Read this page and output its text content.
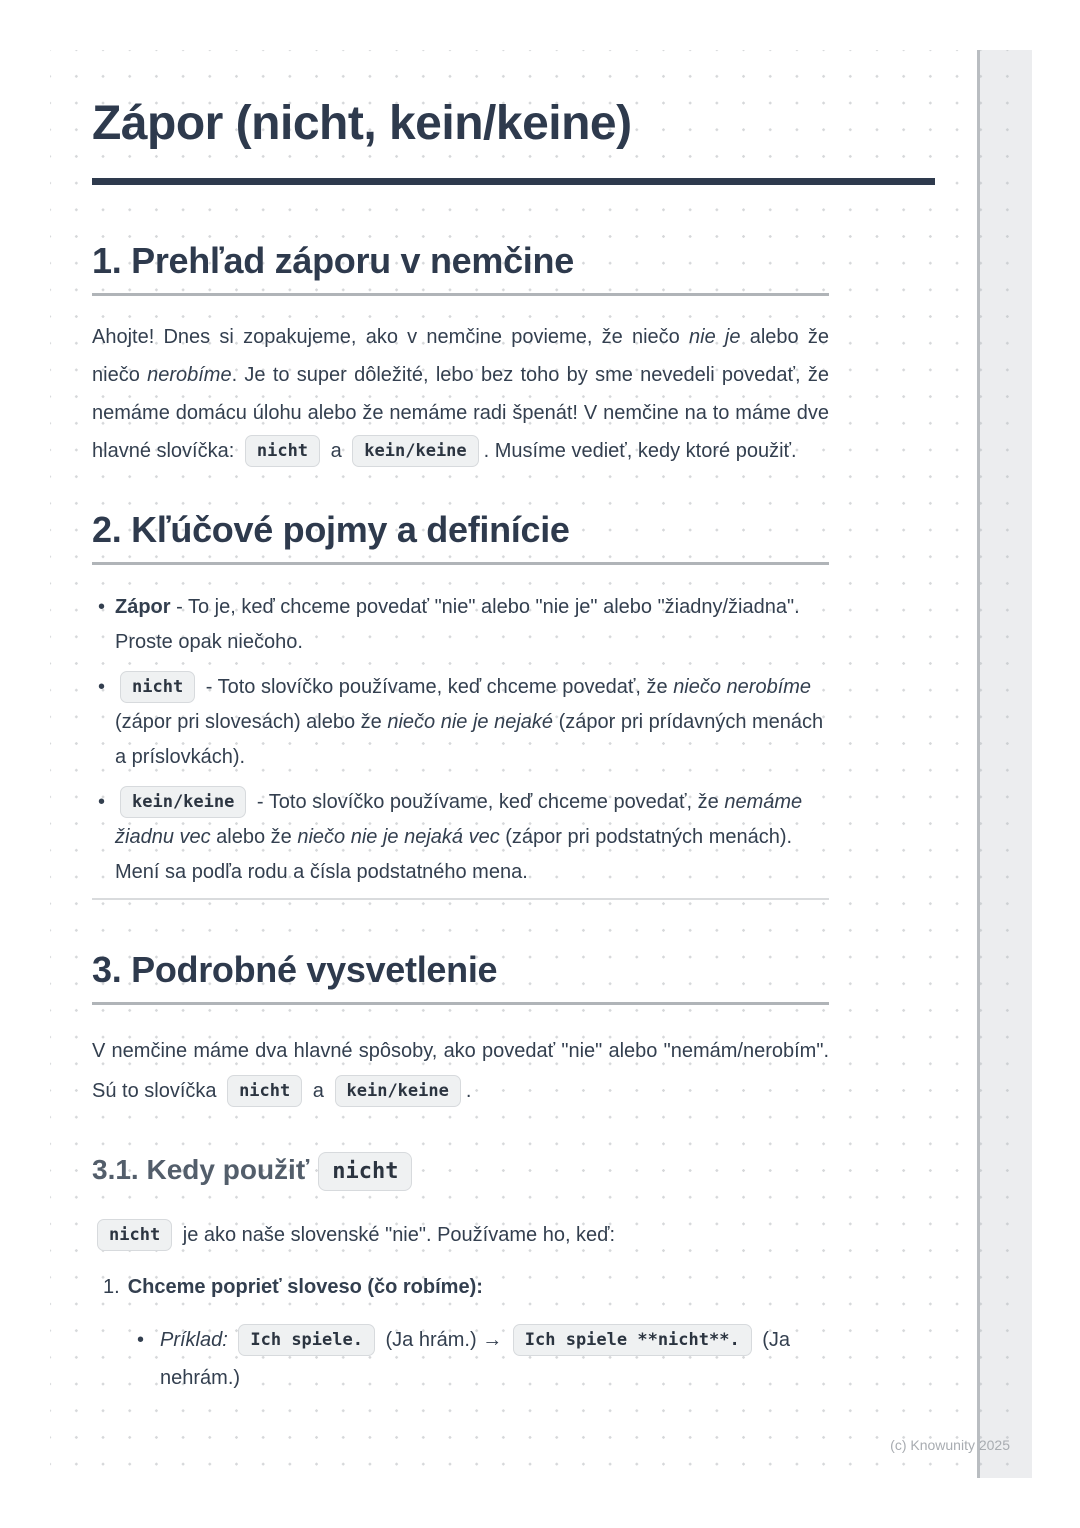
Zápor (nicht, kein/keine)
1. Prehľad záporu v nemčine

Ahojte! Dnes si zopakujeme, ako v nemčine povieme, že niečo nie je alebo že niečo nerobíme. Je to super dôležité, lebo bez toho by sme nevedeli povedať, že nemáme domácu úlohu alebo že nemáme radi špenát! V nemčine na to máme dve hlavné slovíčka: nicht a kein/keine . Musíme vedieť, kedy ktoré použiť.

2. Kľúčové pojmy a definície
• Zápor - To je, keď chceme povedať "nie" alebo "nie je" alebo "žiadny/žiadna". Proste opak niečoho.
• nicht - Toto slovíčko používame, keď chceme povedať, že niečo nerobíme (zápor pri slovesách) alebo že niečo nie je nejaké (zápor pri prídavných menách a príslovkách).
• kein/keine - Toto slovíčko používame, keď chceme povedať, že nemáme žiadnu vec alebo že niečo nie je nejaká vec (zápor pri podstatných menách). Mení sa podľa rodu a čísla podstatného mena.
3. Podrobné vysvetlenie

V nemčine máme dva hlavné spôsoby, ako povedať "nie" alebo "nemám/nerobím". Sú to slovíčka nicht a kein/keine .

3.1. Kedy použiť nicht

nicht je ako naše slovenské "nie". Používame ho, keď:

1. Chceme poprieť sloveso (čo robíme):
• Príklad: Ich spiele. (Ja hrám.) → Ich spiele **nicht**. (Ja nehrám.)
(c) Knowunity 2025
